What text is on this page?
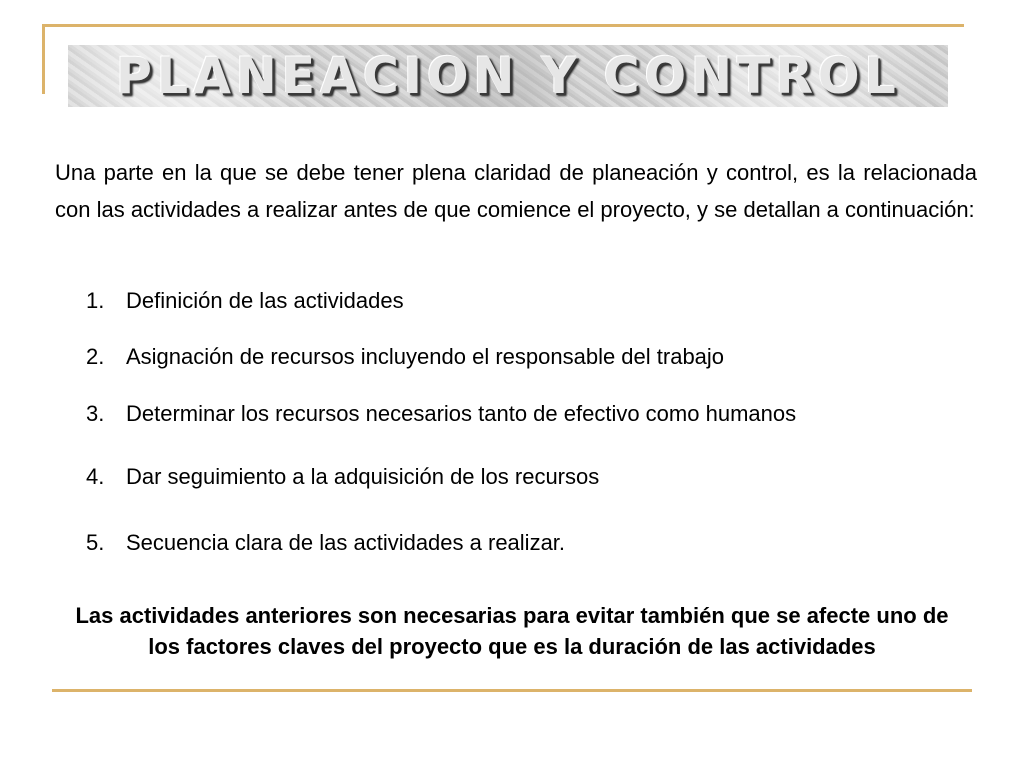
PLANEACION Y CONTROL

Una parte en la que se debe tener plena claridad de planeación y control, es la relacionada con las actividades a realizar antes de que comience el proyecto, y se detallan a continuación:

1. Definición de las actividades
2. Asignación de recursos incluyendo el responsable del trabajo
3. Determinar los recursos necesarios tanto de efectivo como humanos
4. Dar seguimiento a la adquisición de los recursos
5. Secuencia clara de las actividades a realizar.

Las actividades anteriores son necesarias para evitar también que se afecte uno de los factores claves del proyecto que es la duración de las actividades
